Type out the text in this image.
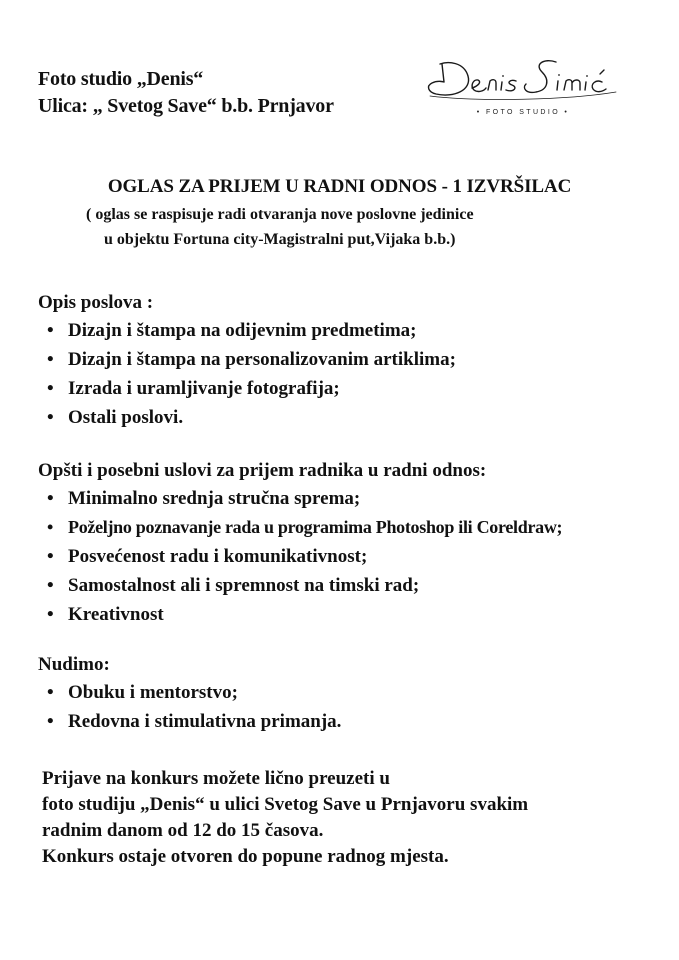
Foto studio „Denis“
Ulica: „ Svetog Save“ b.b. Prnjavor	• FOTO STUDIO •
OGLAS ZA PRIJEM U RADNI ODNOS - 1 IZVRŠILAC
( oglas se raspisuje radi otvaranja nove poslovne jedinice
u objektu Fortuna city-Magistralni put,Vijaka b.b.)
Opis poslova :
• Dizajn i štampa na odijevnim predmetima;
• Dizajn i štampa na personalizovanim artiklima;
• Izrada i uramljivanje fotografija;
• Ostali poslovi.
Opšti i posebni uslovi za prijem radnika u radni odnos:
• Minimalno srednja stručna sprema;
• Poželjno poznavanje rada u programima Photoshop ili Coreldraw;
• Posvećenost radu i komunikativnost;
• Samostalnost ali i spremnost na timski rad;
• Kreativnost
Nudimo:
• Obuku i mentorstvo;
• Redovna i stimulativna primanja.
Prijave na konkurs možete lično preuzeti u
foto studiju „Denis“ u ulici Svetog Save u Prnjavoru svakim
radnim danom od 12 do 15 časova.
Konkurs ostaje otvoren do popune radnog mjesta.
